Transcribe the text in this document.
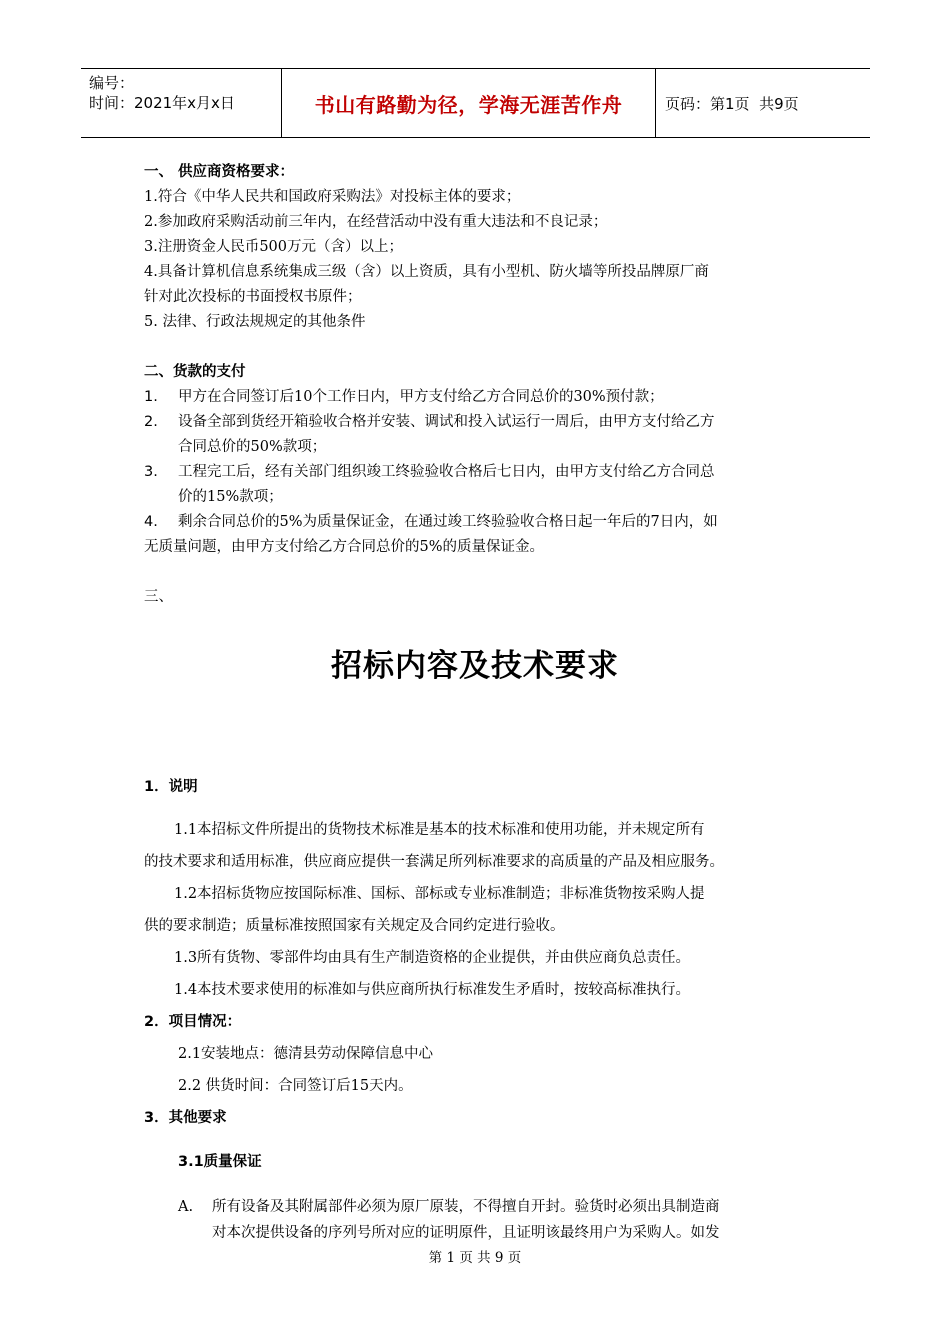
编号：
时间：2021年x月x日	书山有路勤为径，学海无涯苦作舟	页码：第1页  共9页
一、 供应商资格要求：
1.符合《中华人民共和国政府采购法》对投标主体的要求；
2.参加政府采购活动前三年内，在经营活动中没有重大违法和不良记录；
3.注册资金人民币500万元（含）以上；
4.具备计算机信息系统集成三级（含）以上资质，具有小型机、防火墙等所投品牌原厂商
针对此次投标的书面授权书原件；
5. 法律、行政法规规定的其他条件
二、货款的支付
1.	甲方在合同签订后10个工作日内，甲方支付给乙方合同总价的30%预付款；
2.	设备全部到货经开箱验收合格并安装、调试和投入试运行一周后，由甲方支付给乙方
合同总价的50%款项；
3.	工程完工后，经有关部门组织竣工终验验收合格后七日内，由甲方支付给乙方合同总
价的15%款项；
4.	剩余合同总价的5%为质量保证金，在通过竣工终验验收合格日起一年后的7日内，如
无质量问题，由甲方支付给乙方合同总价的5%的质量保证金。
三、
招标内容及技术要求
1．说明
1.1本招标文件所提出的货物技术标准是基本的技术标准和使用功能，并未规定所有
的技术要求和适用标准，供应商应提供一套满足所列标准要求的高质量的产品及相应服务。
1.2本招标货物应按国际标准、国标、部标或专业标准制造；非标准货物按采购人提
供的要求制造；质量标准按照国家有关规定及合同约定进行验收。
1.3所有货物、零部件均由具有生产制造资格的企业提供，并由供应商负总责任。
1.4本技术要求使用的标准如与供应商所执行标准发生矛盾时，按较高标准执行。
2．项目情况：
2.1安装地点：德清县劳动保障信息中心
2.2 供货时间：合同签订后15天内。
3．其他要求
3.1质量保证
A.	所有设备及其附属部件必须为原厂原装，不得擅自开封。验货时必须出具制造商
对本次提供设备的序列号所对应的证明原件，且证明该最终用户为采购人。如发
第 1 页 共 9 页
